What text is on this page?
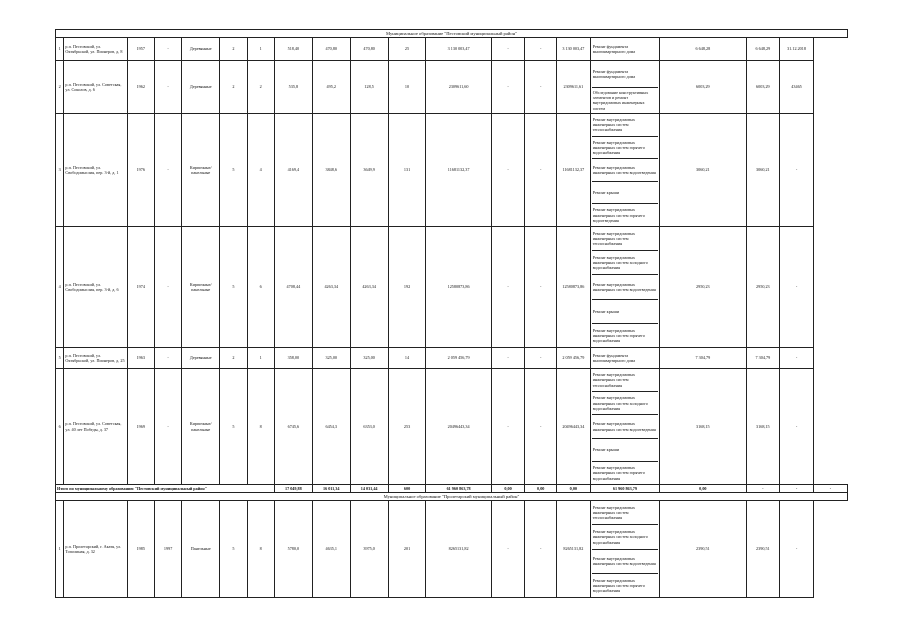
Муниципальное образование "Пестовский муниципальный район"																			
1	р.п. Пестовский, ул. Октябрьской, ул. Пионеров, д. 8	1957	-	Деревянные	2	1	518,40	470,80	470,80	25	3 130 003,47	-	-	3 130 003,47	Ремонт фундамента многоквартирного дома	6 648,28	6 648,29	31.12.2018	
2	р.п. Пестовский, ул. Советская, ул. Соколов, д. 6	1962	-	Деревянные	2	2	535,8	495,2	128,5	10	2309611,60	-	-	2309611,61	Ремонт фундамента многоквартирного дома
Обследование конструктивных элементов и ремонт внутридомовых инженерных систем	6003,29	6003,29	43465	
3	р.п. Пестовский, ул. Свободомыслия, пер. 3-й, д. 1	1976	-	Кирпичные/ панельные	5	4	4169,4	3848,6	3649,9	131	11681132,37	-	-	11681132,37	Ремонт внутридомовых инженерных систем теплоснабжения
Ремонт внутридомовых инженерных систем горячего водоснабжения
Ремонт внутридомовых инженерных систем водоотведения
Ремонт крыши
Ремонт внутридомовых инженерных систем горячего водоотведения	3060,21	3060,21	-	
4	р.п. Пестовский, ул. Свободомыслия, пер. 3-й, д. 6	1974	-	Кирпичные/ панельные	5	6	4708,44	4263,34	4263,34	192	12580873,86	-	-	12580873,86	Ремонт внутридомовых инженерных систем теплоснабжения
Ремонт внутридомовых инженерных систем холодного водоснабжения
Ремонт внутридомовых инженерных систем водоотведения
Ремонт крыши
Ремонт внутридомовых инженерных систем горячего водоснабжения	2950,23	2950,23	-	
5	р.п. Пестовский, ул. Октябрьской, ул. Пионеров, д. 25	1963	-	Деревянные	2	1	358,00	325,00	325,00	14	2 059 456,79	-	-	2 059 456,79	Ремонт фундамента многоквартирного дома	7 304,79	7 304,79	-	
6	р.п. Пестовский, ул. Советская, ул. 40 лет Победы, д. 37	1969	-	Кирпичные/ панельные	5	8	6745,6	6454,3	6353,0	253	20496443,34	-	-	20496443,34	Ремонт внутридомовых инженерных систем теплоснабжения
Ремонт внутридомовых инженерных систем холодного водоснабжения
Ремонт внутридомовых инженерных систем водоотведения
Ремонт крыши
Ремонт внутридомовых инженерных систем горячего водоснабжения	3168,15	3168,15	-	
Итого по муниципальному образованию "Пестовский муниципальный район"							17 049,88	16 011,34	14 031,44	600	61 960 863,78	0,00	0,00	0,00	61 960 863,79	0,00	-	-	-
Муниципальное образование "Пролетарский муниципальный район"																			
1	р.п. Пролетарский, г. Акатя, ул. Тополиная, д. 32	1985	1997	Панельные	5	8	5780,0	4635,1	3975,0	201	8265131,82	-	-	8265131,82	Ремонт внутридомовых инженерных систем теплоснабжения
Ремонт внутридомовых инженерных систем холодного водоснабжения
Ремонт внутридомовых инженерных систем водоотведения
Ремонт внутридомовых инженерных систем горячего водоснабжения	2390,51	2390,51	-	
